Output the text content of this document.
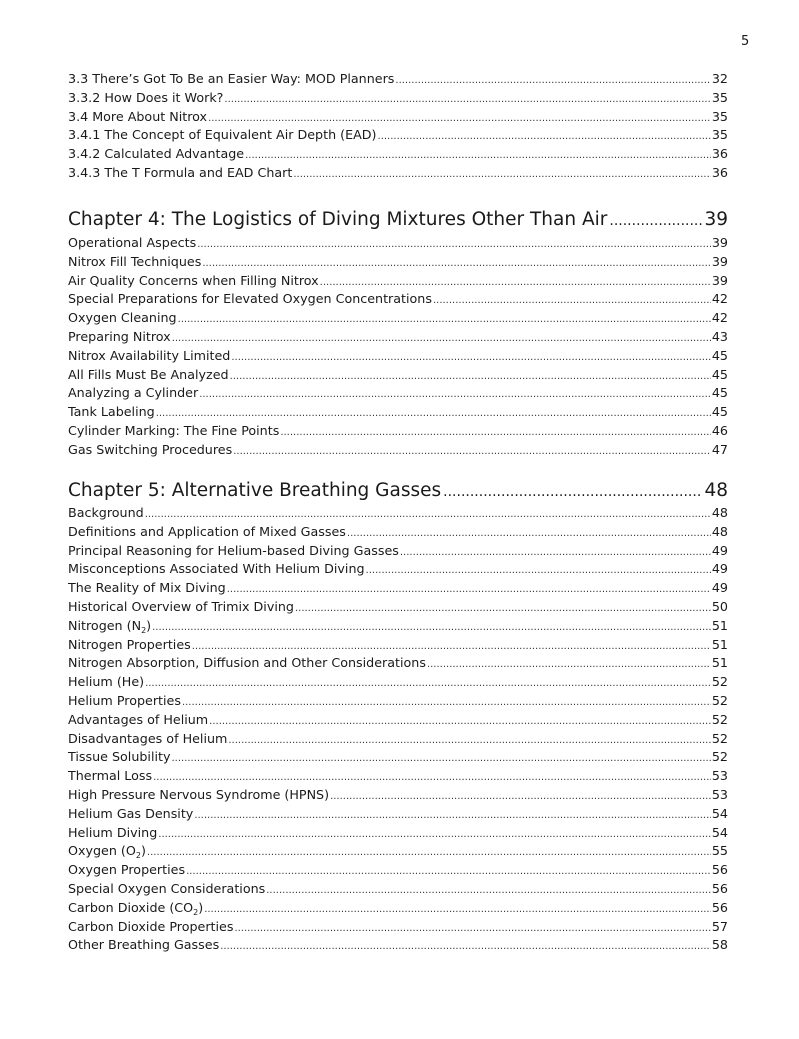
5
3.3 There’s Got To Be an Easier Way: MOD Planners .....	32
3.3.2 How Does it Work? .....	35
3.4 More About Nitrox .....	35
3.4.1 The Concept of Equivalent Air Depth (EAD) .....	35
3.4.2 Calculated Advantage .....	36
3.4.3 The T Formula and EAD Chart .....	36
Chapter 4: The Logistics of Diving Mixtures Other Than Air .....	39
Operational Aspects .....	39
Nitrox Fill Techniques .....	39
Air Quality Concerns when Filling Nitrox .....	39
Special Preparations for Elevated Oxygen Concentrations .....	42
Oxygen Cleaning .....	42
Preparing Nitrox .....	43
Nitrox Availability Limited .....	45
All Fills Must Be Analyzed .....	45
Analyzing a Cylinder .....	45
Tank Labeling .....	45
Cylinder Marking: The Fine Points .....	46
Gas Switching Procedures .....	47
Chapter 5: Alternative Breathing Gasses .....	48
Background .....	48
Definitions and Application of Mixed Gasses .....	48
Principal Reasoning for Helium-based Diving Gasses .....	49
Misconceptions Associated With Helium Diving .....	49
The Reality of Mix Diving .....	49
Historical Overview of Trimix Diving .....	50
Nitrogen $(N_2)$ .....	51
Nitrogen Properties .....	51
Nitrogen Absorption, Diffusion and Other Considerations .....	51
Helium (He) .....	52
Helium Properties .....	52
Advantages of Helium .....	52
Disadvantages of Helium .....	52
Tissue Solubility .....	52
Thermal Loss .....	53
High Pressure Nervous Syndrome (HPNS) .....	53
Helium Gas Density .....	54
Helium Diving .....	54
Oxygen $(O_2)$ .....	55
Oxygen Properties .....	56
Special Oxygen Considerations .....	56
Carbon Dioxide $(CO_2)$ .....	56
Carbon Dioxide Properties .....	57
Other Breathing Gasses .....	58
